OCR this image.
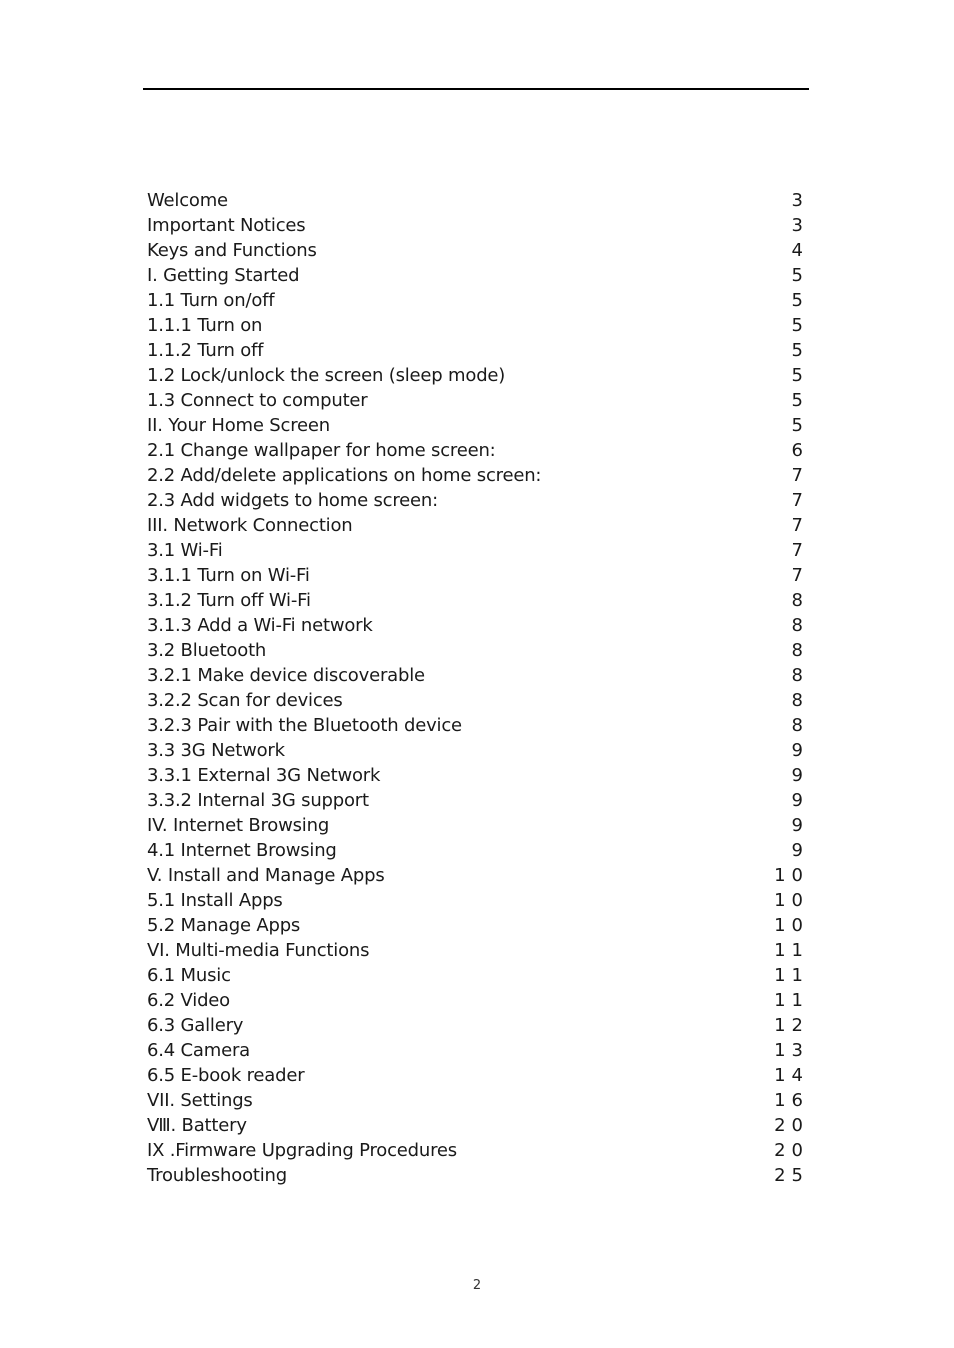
Welcome	3
Important Notices	3
Keys and Functions	4
I. Getting Started	5
1.1 Turn on/off	5
1.1.1 Turn on	5
1.1.2 Turn off	5
1.2 Lock/unlock the screen (sleep mode)	5
1.3 Connect to computer	5
II. Your Home Screen	5
2.1 Change wallpaper for home screen:	6
2.2 Add/delete applications on home screen:	7
2.3 Add widgets to home screen:	7
III. Network Connection	7
3.1 Wi-Fi	7
3.1.1 Turn on Wi-Fi	7
3.1.2 Turn off Wi-Fi	8
3.1.3 Add a Wi-Fi network	8
3.2 Bluetooth	8
3.2.1 Make device discoverable	8
3.2.2 Scan for devices	8
3.2.3 Pair with the Bluetooth device	8
3.3 3G Network	9
3.3.1 External 3G Network	9
3.3.2 Internal 3G support	9
IV. Internet Browsing	9
4.1 Internet Browsing	9
V. Install and Manage Apps	10
5.1 Install Apps	10
5.2 Manage Apps	10
VI. Multi-media Functions	11
6.1 Music	11
6.2 Video	11
6.3 Gallery	12
6.4 Camera	13
6.5 E-book reader	14
VII. Settings	16
Ⅷ. Battery	20
IX .Firmware Upgrading Procedures	20
Troubleshooting	25
2
